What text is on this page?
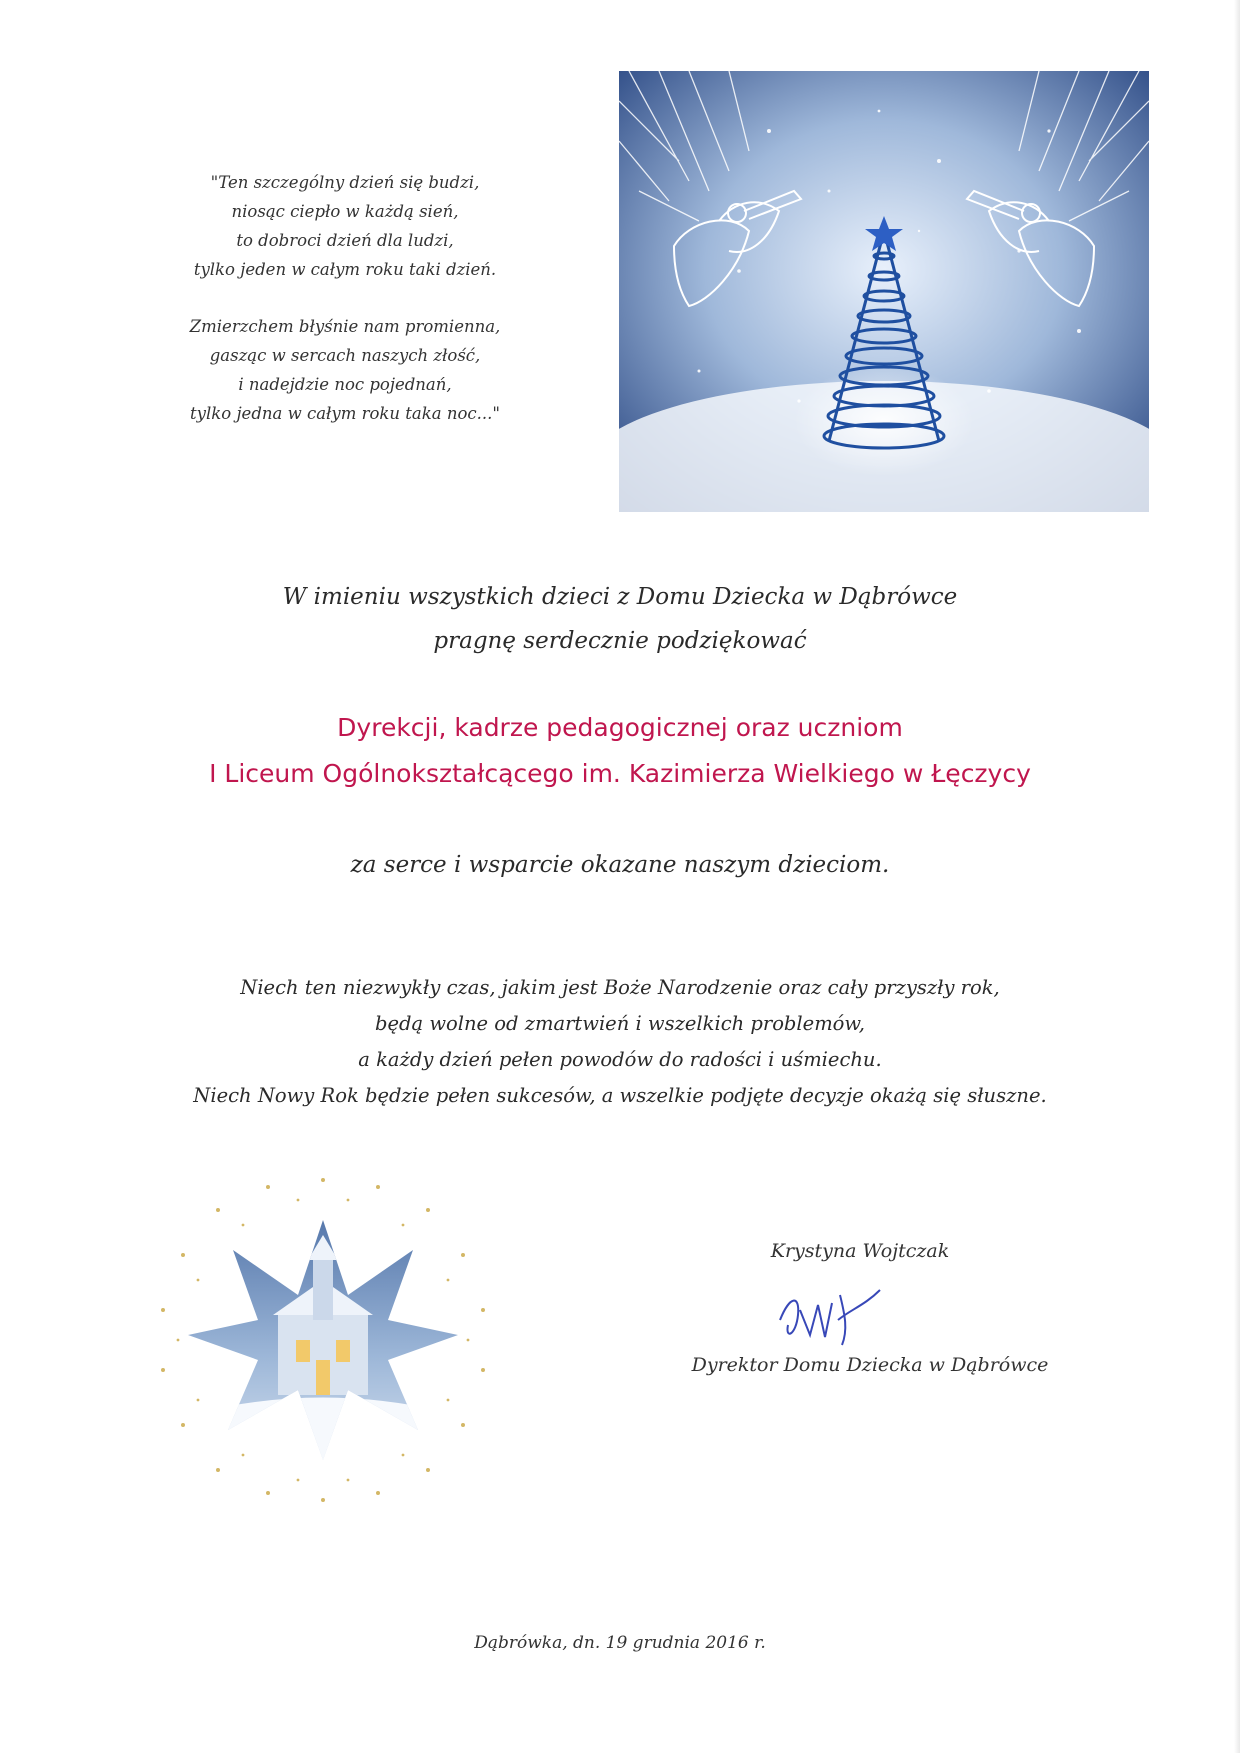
"Ten szczególny dzień się budzi,
niosąc ciepło w każdą sień,
to dobroci dzień dla ludzi,
tylko jeden w całym roku taki dzień.
Zmierzchem błyśnie nam promienna,
gasząc w sercach naszych złość,
i nadejdzie noc pojednań,
tylko jedna w całym roku taka noc..."
W imieniu wszystkich dzieci z Domu Dziecka w Dąbrówce
pragnę serdecznie podziękować
Dyrekcji, kadrze pedagogicznej oraz uczniom
I Liceum Ogólnokształcącego im. Kazimierza Wielkiego w Łęczycy
za serce i wsparcie okazane naszym dzieciom.
Niech ten niezwykły czas, jakim jest Boże Narodzenie oraz cały przyszły rok,
będą wolne od zmartwień i wszelkich problemów,
a każdy dzień pełen powodów do radości i uśmiechu.
Niech Nowy Rok będzie pełen sukcesów, a wszelkie podjęte decyzje okażą się słuszne.
Krystyna Wojtczak
Dyrektor Domu Dziecka w Dąbrówce
Dąbrówka, dn. 19 grudnia 2016 r.
